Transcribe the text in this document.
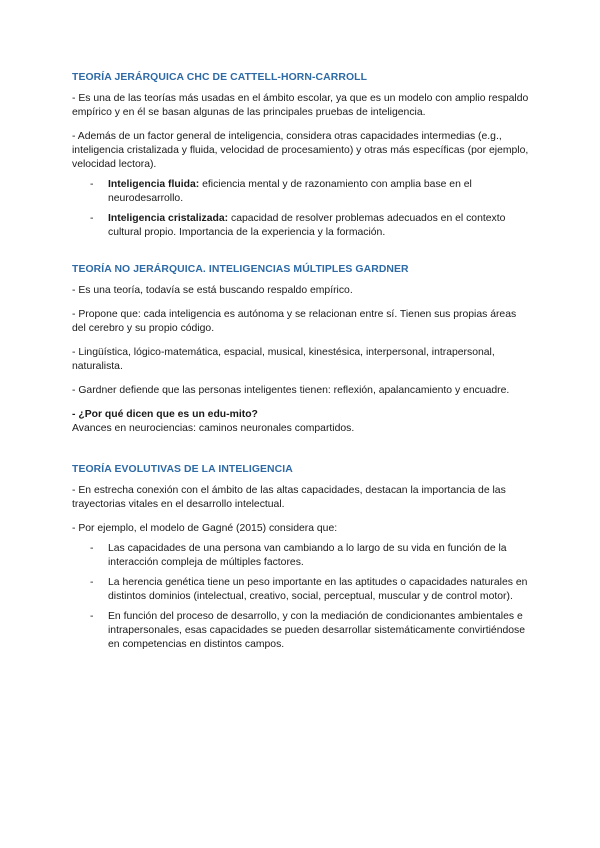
TEORÍA JERÁRQUICA CHC DE CATTELL-HORN-CARROLL

- Es una de las teorías más usadas en el ámbito escolar, ya que es un modelo con amplio respaldo empírico y en él se basan algunas de las principales pruebas de inteligencia.

- Además de un factor general de inteligencia, considera otras capacidades intermedias (e.g., inteligencia cristalizada y fluida, velocidad de procesamiento) y otras más específicas (por ejemplo, velocidad lectora).

- Inteligencia fluida: eficiencia mental y de razonamiento con amplia base en el neurodesarrollo.
- Inteligencia cristalizada: capacidad de resolver problemas adecuados en el contexto cultural propio. Importancia de la experiencia y la formación.
TEORÍA NO JERÁRQUICA. INTELIGENCIAS MÚLTIPLES GARDNER

- Es una teoría, todavía se está buscando respaldo empírico.

- Propone que: cada inteligencia es autónoma y se relacionan entre sí. Tienen sus propias áreas del cerebro y su propio código.

- Lingüística, lógico-matemática, espacial, musical, kinestésica, interpersonal, intrapersonal, naturalista.

- Gardner defiende que las personas inteligentes tienen: reflexión, apalancamiento y encuadre.

- ¿Por qué dicen que es un edu-mito?
Avances en neurociencias: caminos neuronales compartidos.

TEORÍA EVOLUTIVAS DE LA INTELIGENCIA

- En estrecha conexión con el ámbito de las altas capacidades, destacan la importancia de las trayectorias vitales en el desarrollo intelectual.

- Por ejemplo, el modelo de Gagné (2015) considera que:

- Las capacidades de una persona van cambiando a lo largo de su vida en función de la interacción compleja de múltiples factores.
- La herencia genética tiene un peso importante en las aptitudes o capacidades naturales en distintos dominios (intelectual, creativo, social, perceptual, muscular y de control motor).
- En función del proceso de desarrollo, y con la mediación de condicionantes ambientales e intrapersonales, esas capacidades se pueden desarrollar sistemáticamente convirtiéndose en competencias en distintos campos.
